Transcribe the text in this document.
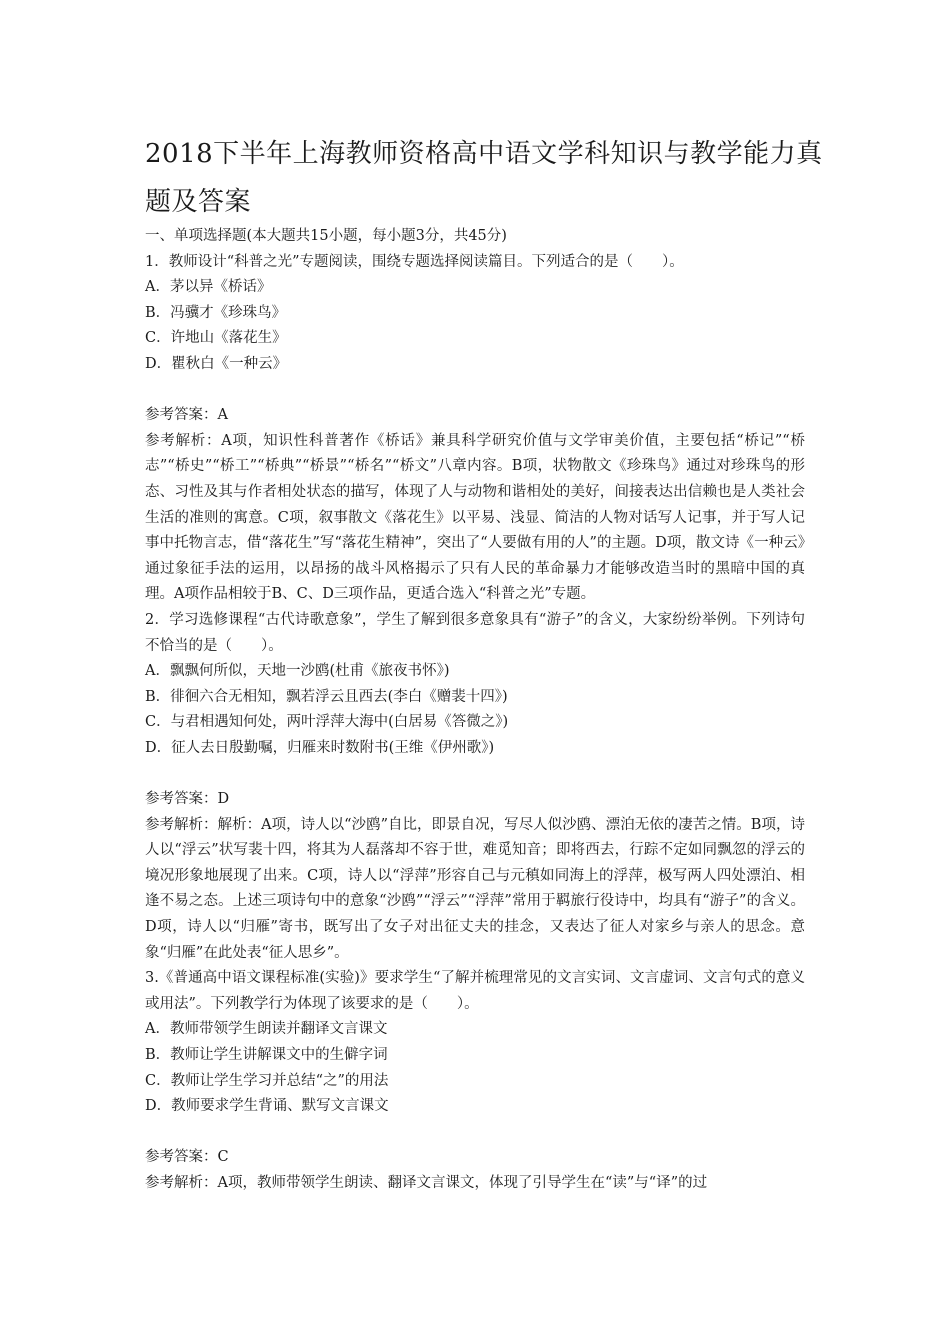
2018下半年上海教师资格高中语文学科知识与教学能力真
题及答案
一、单项选择题(本大题共15小题，每小题3分，共45分)
1．教师设计“科普之光”专题阅读，围绕专题选择阅读篇目。下列适合的是（　　）。
A．茅以异《桥话》
B．冯骥才《珍珠鸟》
C．许地山《落花生》
D．瞿秋白《一种云》
参考答案：A
参考解析：A项，知识性科普著作《桥话》兼具科学研究价值与文学审美价值，主要包括“桥记”“桥志”“桥史”“桥工”“桥典”“桥景”“桥名”“桥文”八章内容。B项，状物散文《珍珠鸟》通过对珍珠鸟的形态、习性及其与作者相处状态的描写，体现了人与动物和谐相处的美好，间接表达出信赖也是人类社会生活的准则的寓意。C项，叙事散文《落花生》以平易、浅显、简洁的人物对话写人记事，并于写人记事中托物言志，借“落花生”写“落花生精神”，突出了“人要做有用的人”的主题。D项，散文诗《一种云》通过象征手法的运用，以昂扬的战斗风格揭示了只有人民的革命暴力才能够改造当时的黑暗中国的真理。A项作品相较于B、C、D三项作品，更适合选入“科普之光”专题。
2．学习选修课程“古代诗歌意象”，学生了解到很多意象具有“游子”的含义，大家纷纷举例。下列诗句不恰当的是（　　）。
A．飘飘何所似，天地一沙鸥(杜甫《旅夜书怀》)
B．徘徊六合无相知，飘若浮云且西去(李白《赠裴十四》)
C．与君相遇知何处，两叶浮萍大海中(白居易《答微之》)
D．征人去日殷勤嘱，归雁来时数附书(王维《伊州歌》)
参考答案：D
参考解析：解析：A项，诗人以“沙鸥”自比，即景自况，写尽人似沙鸥、漂泊无依的凄苦之情。B项，诗人以“浮云”状写裴十四，将其为人磊落却不容于世，难觅知音；即将西去，行踪不定如同飘忽的浮云的境况形象地展现了出来。C项，诗人以“浮萍”形容自己与元稹如同海上的浮萍，极写两人四处漂泊、相逢不易之态。上述三项诗句中的意象“沙鸥”“浮云”“浮萍”常用于羁旅行役诗中，均具有“游子”的含义。D项，诗人以“归雁”寄书，既写出了女子对出征丈夫的挂念，又表达了征人对家乡与亲人的思念。意象“归雁”在此处表“征人思乡”。
3.《普通高中语文课程标准(实验)》要求学生“了解并梳理常见的文言实词、文言虚词、文言句式的意义或用法”。下列教学行为体现了该要求的是（　　）。
A．教师带领学生朗读并翻译文言课文
B．教师让学生讲解课文中的生僻字词
C．教师让学生学习并总结“之”的用法
D．教师要求学生背诵、默写文言课文
参考答案：C
参考解析：A项，教师带领学生朗读、翻译文言课文，体现了引导学生在“读”与“译”的过
